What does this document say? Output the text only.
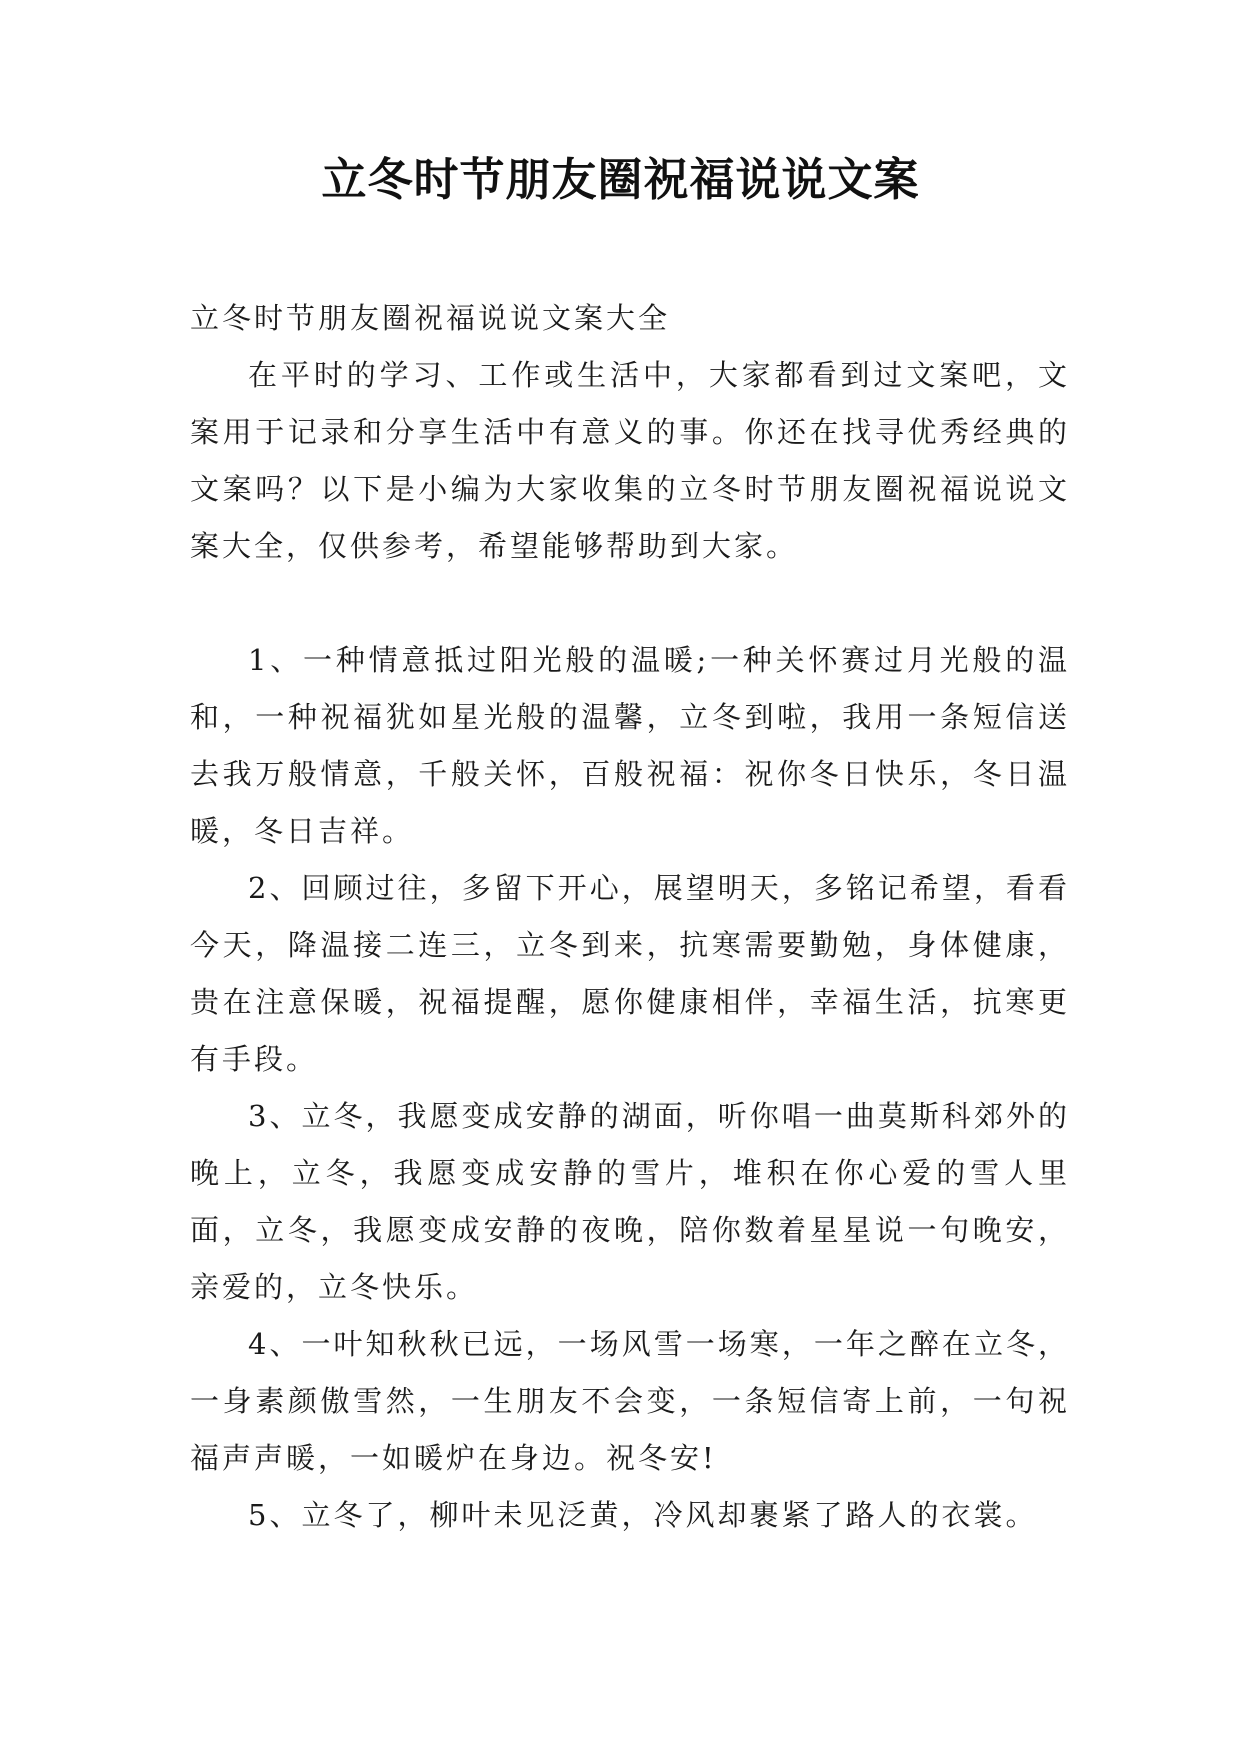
立冬时节朋友圈祝福说说文案

立冬时节朋友圈祝福说说文案大全

在平时的学习、工作或生活中，大家都看到过文案吧，文案用于记录和分享生活中有意义的事。你还在找寻优秀经典的文案吗？以下是小编为大家收集的立冬时节朋友圈祝福说说文案大全，仅供参考，希望能够帮助到大家。

1、一种情意抵过阳光般的温暖;一种关怀赛过月光般的温和，一种祝福犹如星光般的温馨，立冬到啦，我用一条短信送去我万般情意，千般关怀，百般祝福：祝你冬日快乐，冬日温暖，冬日吉祥。

2、回顾过往，多留下开心，展望明天，多铭记希望，看看今天，降温接二连三，立冬到来，抗寒需要勤勉，身体健康，贵在注意保暖，祝福提醒，愿你健康相伴，幸福生活，抗寒更有手段。

3、立冬，我愿变成安静的湖面，听你唱一曲莫斯科郊外的晚上，立冬，我愿变成安静的雪片，堆积在你心爱的雪人里面，立冬，我愿变成安静的夜晚，陪你数着星星说一句晚安，亲爱的，立冬快乐。

4、一叶知秋秋已远，一场风雪一场寒，一年之醉在立冬，一身素颜傲雪然，一生朋友不会变，一条短信寄上前，一句祝福声声暖，一如暖炉在身边。祝冬安!

5、立冬了，柳叶未见泛黄，冷风却裹紧了路人的衣裳。
